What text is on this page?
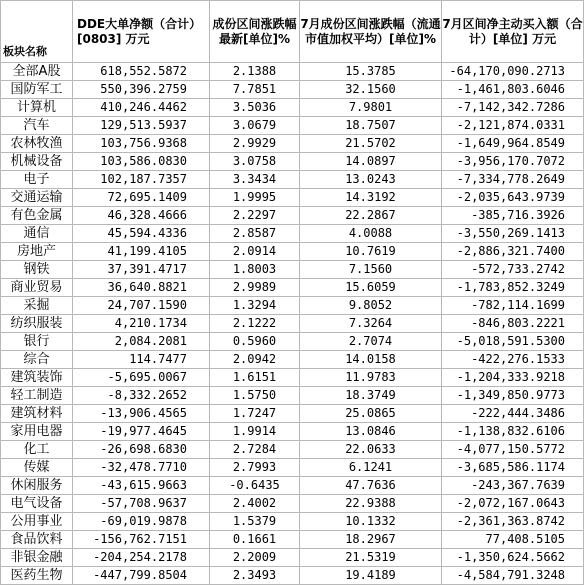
板块名称	DDE大单净额（合计）[0803] 万元	成份区间涨跌幅 最新[单位]%	7月成份区间涨跌幅（流通市值加权平均）[单位]%	7月区间净主动买入额（合计）[单位] 万元
全部A股	618,552.5872	2.1388	15.3785	-64,170,090.2713
国防军工	550,396.2759	7.7851	32.1560	-1,461,803.6046
计算机	410,246.4462	3.5036	7.9801	-7,142,342.7286
汽车	129,513.5937	3.0679	18.7507	-2,121,874.0331
农林牧渔	103,756.9368	2.9929	21.5702	-1,649,964.8549
机械设备	103,586.0830	3.0758	14.0897	-3,956,170.7072
电子	102,187.7357	3.3434	13.0243	-7,334,778.2649
交通运输	72,695.1409	1.9995	14.3192	-2,035,643.9739
有色金属	46,328.4666	2.2297	22.2867	-385,716.3926
通信	45,594.4336	2.8587	4.0088	-3,550,269.1413
房地产	41,199.4105	2.0914	10.7619	-2,886,321.7400
钢铁	37,391.4717	1.8003	7.1560	-572,733.2742
商业贸易	36,640.8821	2.9989	15.6059	-1,783,852.3249
采掘	24,707.1590	1.3294	9.8052	-782,114.1699
纺织服装	4,210.1734	2.1222	7.3264	-846,803.2221
银行	2,084.2081	0.5960	2.7074	-5,018,591.5300
综合	114.7477	2.0942	14.0158	-422,276.1533
建筑装饰	-5,695.0067	1.6151	11.9783	-1,204,333.9218
轻工制造	-8,332.2652	1.5750	18.3749	-1,349,850.9773
建筑材料	-13,906.4565	1.7247	25.0865	-222,444.3486
家用电器	-19,977.4645	1.9914	13.0846	-1,138,832.6106
化工	-26,698.6830	2.7284	22.0633	-4,077,150.5772
传媒	-32,478.7710	2.7993	6.1241	-3,685,586.1174
休闲服务	-43,615.9663	-0.6435	47.7636	-243,367.7639
电气设备	-57,708.9637	2.4002	22.9388	-2,072,167.0643
公用事业	-69,019.9878	1.5379	10.1332	-2,361,363.8742
食品饮料	-156,762.7151	0.1661	18.2967	77,408.5105
非银金融	-204,254.2178	2.2009	21.5319	-1,350,624.5662
医药生物	-447,799.8504	2.3493	19.4189	-4,584,791.3248
